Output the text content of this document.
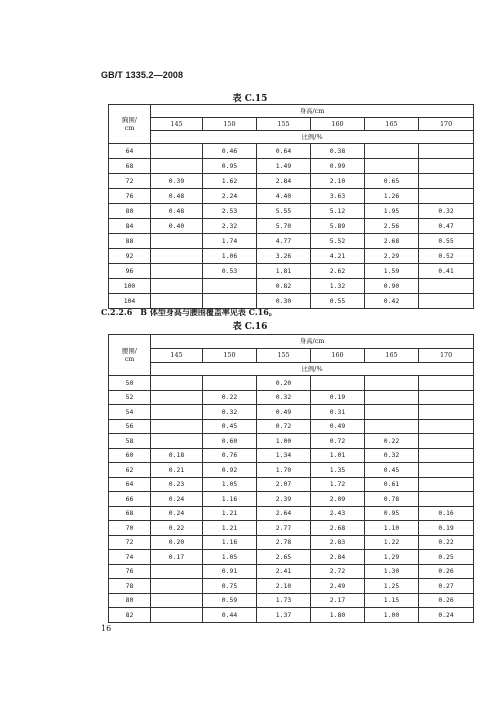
GB/T 1335.2—2008
表 C.15
胸围/
cm	身高/cm					
	145	150	155	160	165	170
	比例/%					
64		0.46	0.64	0.38		
68		0.95	1.49	0.99		
72	0.39	1.62	2.84	2.10	0.65	
76	0.48	2.24	4.40	3.63	1.26	
80	0.48	2.53	5.55	5.12	1.95	0.32
84	0.40	2.32	5.70	5.89	2.56	0.47
88		1.74	4.77	5.52	2.68	0.55
92		1.06	3.26	4.21	2.29	0.52
96		0.53	1.81	2.62	1.59	0.41
100			0.82	1.32	0.90	
104			0.30	0.55	0.42	
C.2.2.6　B 体型身高与腰围覆盖率见表 C.16。
表 C.16
腰围/
cm	身高/cm					
	145	150	155	160	165	170
	比例/%					
50			0.20			
52		0.22	0.32	0.19		
54		0.32	0.49	0.31		
56		0.45	0.72	0.49		
58		0.60	1.00	0.72	0.22	
60	0.18	0.76	1.34	1.01	0.32	
62	0.21	0.92	1.70	1.35	0.45	
64	0.23	1.05	2.07	1.72	0.61	
66	0.24	1.16	2.39	2.09	0.78	
68	0.24	1.21	2.64	2.43	0.95	0.16
70	0.22	1.21	2.77	2.68	1.10	0.19
72	0.20	1.16	2.78	2.83	1.22	0.22
74	0.17	1.05	2.65	2.84	1.29	0.25
76		0.91	2.41	2.72	1.30	0.26
78		0.75	2.10	2.49	1.25	0.27
80		0.59	1.73	2.17	1.15	0.26
82		0.44	1.37	1.80	1.00	0.24
16
